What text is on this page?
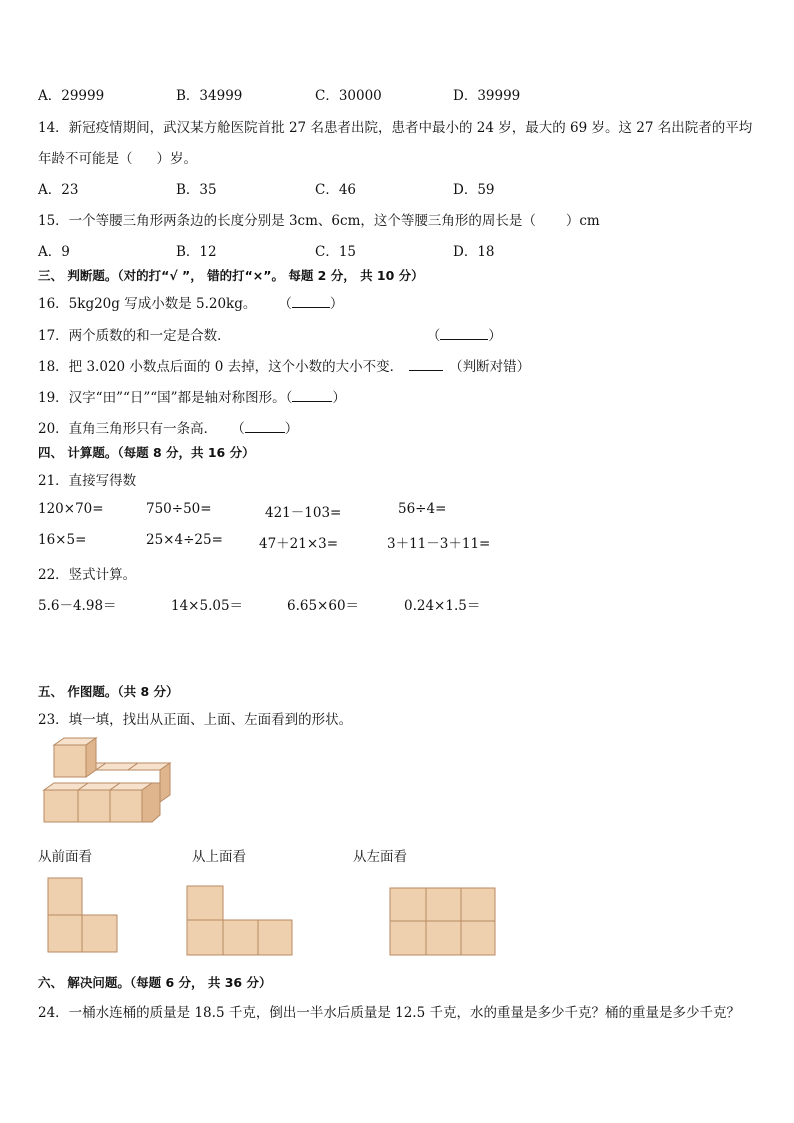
A．29999	B．34999	C．30000	D．39999
14．新冠疫情期间，武汉某方舱医院首批 27 名患者出院，患者中最小的 24 岁，最大的 69 岁。这 27 名出院者的平均
年龄不可能是（ ）岁。
A．23	B．35	C．46	D．59
15．一个等腰三角形两条边的长度分别是 3cm、6cm，这个等腰三角形的周长是（ ）cm
A．9	B．12	C．15	D．18
三、 判断题。（对的打“√ ”， 错的打“×”。 每题 2 分， 共 10 分）
16．5kg20g 写成小数是 5.20kg。 （	）
17．两个质数的和一定是合数．	（	）
18．把 3.020 小数点后面的 0 去掉，这个小数的大小不变．	（判断对错）
19．汉字“田”“日”“国”都是轴对称图形。（	）
20．直角三角形只有一条高． （	）
四、 计算题。（每题 8 分，共 16 分）
21．直接写得数
120×70=	750÷50=	421－103=	56÷4=
16×5=	25×4÷25=	47＋21×3=	3＋11－3＋11=
22．竖式计算。
5.6－4.98＝	14×5.05＝	6.65×60＝	0.24×1.5＝
五、 作图题。（共 8 分）
23．填一填，找出从正面、上面、左面看到的形状。
从前面看	从上面看	从左面看
六、 解决问题。（每题 6 分， 共 36 分）
24．一桶水连桶的质量是 18.5 千克，倒出一半水后质量是 12.5 千克，水的重量是多少千克？桶的重量是多少千克？
